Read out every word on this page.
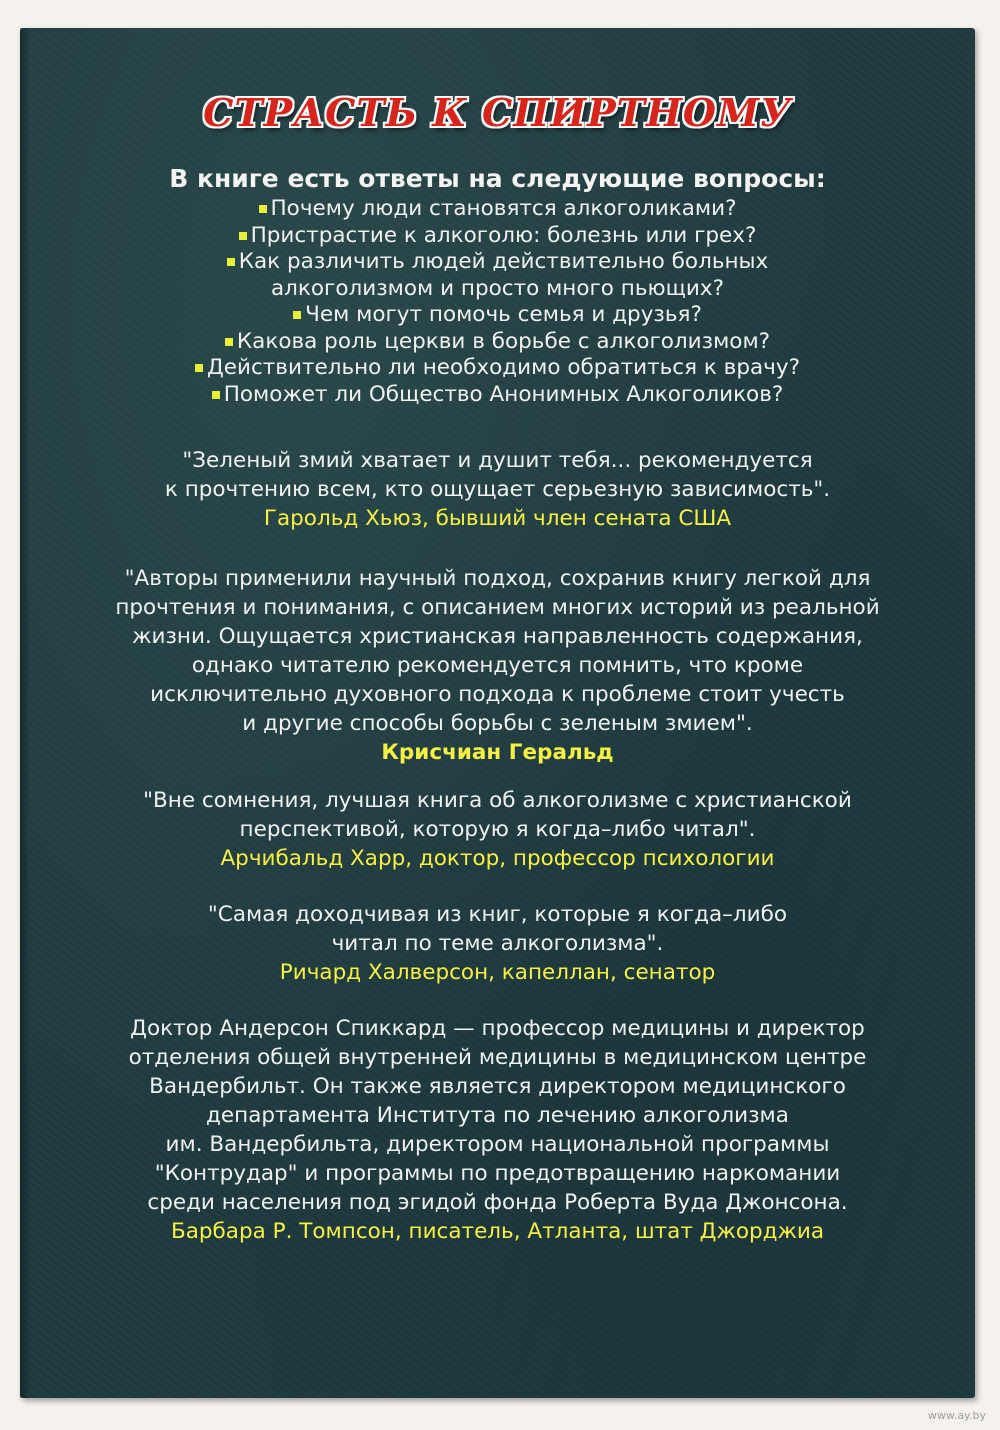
СТРАСТЬ К СПИРТНОМУ
В книге есть ответы на следующие вопросы:
Почему люди становятся алкоголиками?
Пристрастие к алкоголю: болезнь или грех?
Как различить людей действительно больных
алкоголизмом и просто много пьющих?
Чем могут помочь семья и друзья?
Какова роль церкви в борьбе с алкоголизмом?
Действительно ли необходимо обратиться к врачу?
Поможет ли Общество Анонимных Алкоголиков?
"Зеленый змий хватает и душит тебя... рекомендуется
к прочтению всем, кто ощущает серьезную зависимость".
Гарольд Хьюз, бывший член сената США
"Авторы применили научный подход, сохранив книгу легкой для
прочтения и понимания, с описанием многих историй из реальной
жизни. Ощущается христианская направленность содержания,
однако читателю рекомендуется помнить, что кроме
исключительно духовного подхода к проблеме стоит учесть
и другие способы борьбы с зеленым змием".
Крисчиан Геральд
"Вне сомнения, лучшая книга об алкоголизме с христианской
перспективой, которую я когда–либо читал".
Арчибальд Харр, доктор, профессор психологии
"Самая доходчивая из книг, которые я когда–либо
читал по теме алкоголизма".
Ричард Халверсон, капеллан, сенатор
Доктор Андерсон Спиккард — профессор медицины и директор
отделения общей внутренней медицины в медицинском центре
Вандербильт. Он также является директором медицинского
департамента Института по лечению алкоголизма
им. Вандербильта, директором национальной программы
"Контрудар" и программы по предотвращению наркомании
среди населения под эгидой фонда Роберта Вуда Джонсона.
Барбара Р. Томпсон, писатель, Атланта, штат Джорджиа
www.ay.by
